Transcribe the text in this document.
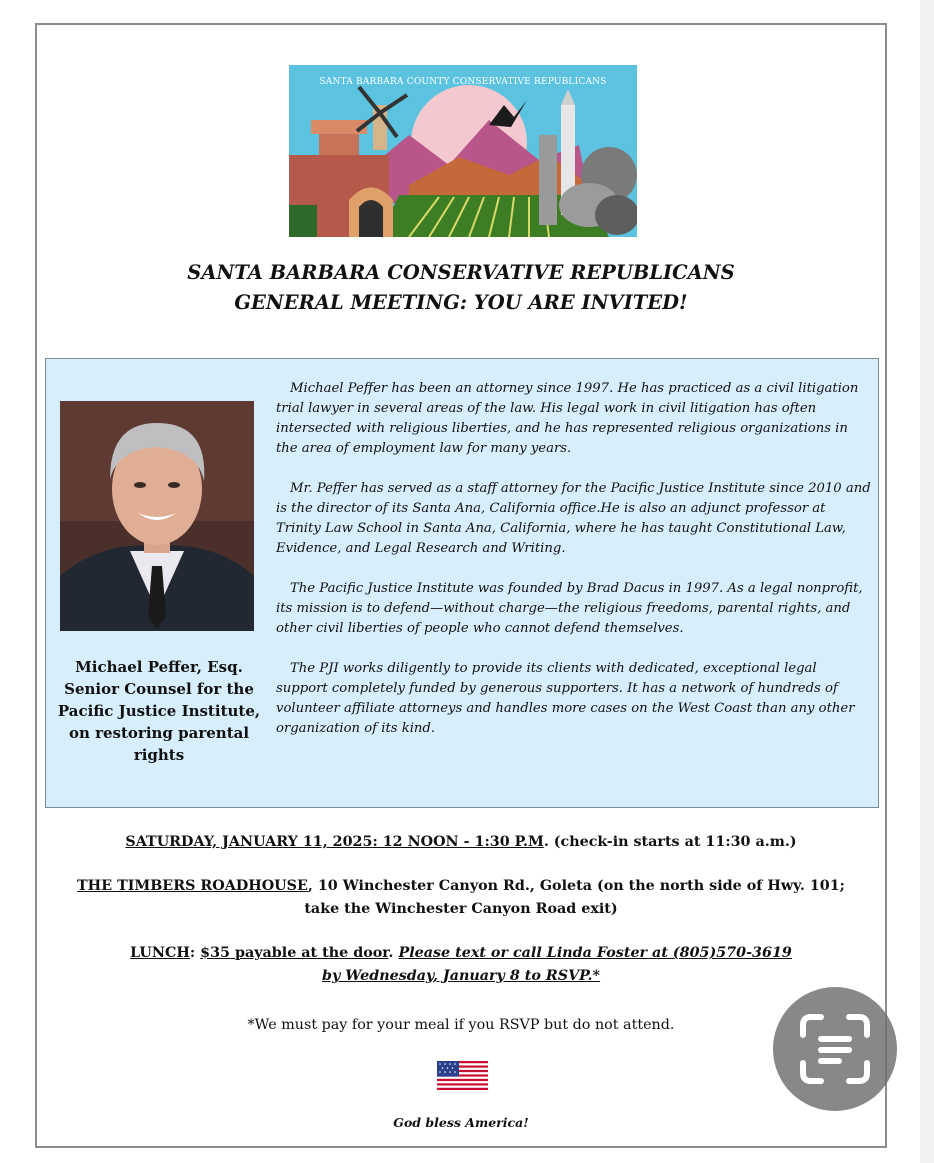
SANTA BARBARA COUNTY CONSERVATIVE REPUBLICANS
SANTA BARBARA CONSERVATIVE REPUBLICANS
GENERAL MEETING: YOU ARE INVITED!
Michael Peffer, Esq.
Senior Counsel for the
Pacific Justice Institute,
on restoring parental
rights

Michael Peffer has been an attorney since 1997. He has practiced as a civil litigation trial lawyer in several areas of the law. His legal work in civil litigation has often intersected with religious liberties, and he has represented religious organizations in the area of employment law for many years.

Mr. Peffer has served as a staff attorney for the Pacific Justice Institute since 2010 and is the director of its Santa Ana, California office.He is also an adjunct professor at Trinity Law School in Santa Ana, California, where he has taught Constitutional Law, Evidence, and Legal Research and Writing.

The Pacific Justice Institute was founded by Brad Dacus in 1997. As a legal nonprofit, its mission is to defend—without charge—the religious freedoms, parental rights, and other civil liberties of people who cannot defend themselves.

The PJI works diligently to provide its clients with dedicated, exceptional legal support completely funded by generous supporters. It has a network of hundreds of volunteer affiliate attorneys and handles more cases on the West Coast than any other organization of its kind.

SATURDAY, JANUARY 11, 2025: 12 NOON - 1:30 P.M. (check-in starts at 11:30 a.m.)
THE TIMBERS ROADHOUSE, 10 Winchester Canyon Rd., Goleta (on the north side of Hwy. 101;
take the Winchester Canyon Road exit)
LUNCH: $35 payable at the door. Please text or call Linda Foster at (805)570-3619
by Wednesday, January 8 to RSVP.*
*We must pay for your meal if you RSVP but do not attend.
God bless America!
